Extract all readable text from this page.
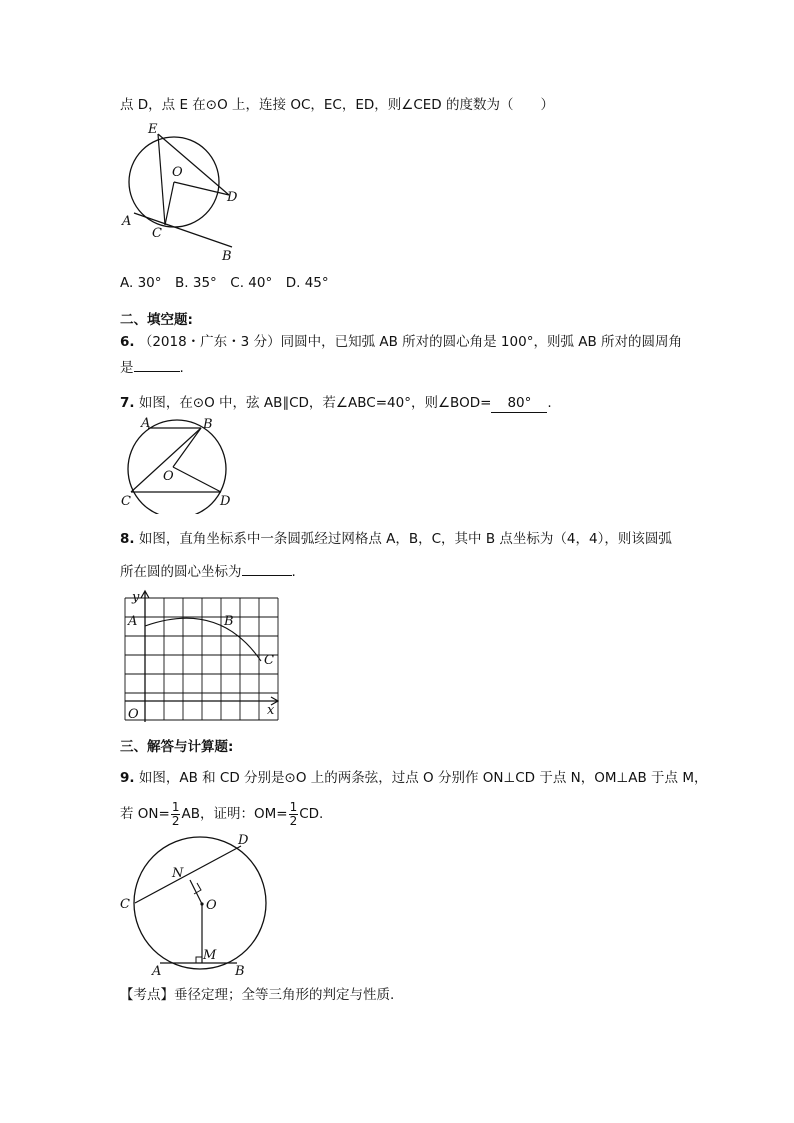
点 D，点 E 在⊙O 上，连接 OC，EC，ED，则∠CED 的度数为（　　）
E
O
D
A
C
B
A. 30°　B. 35°　C. 40°　D. 45°
二、填空题:
6. （2018・广东・3 分）同圆中，已知弧 AB 所对的圆心角是 100°，则弧 AB 所对的圆周角
是	.
7. 如图，在⊙O 中，弦 AB∥CD，若∠ABC=40°，则∠BOD= 80° .
A	B
O
C	D
8. 如图，直角坐标系中一条圆弧经过网格点 A，B，C，其中 B 点坐标为（4，4），则该圆弧
所在圆的圆心坐标为	.
y
A	B
C
O	x
三、解答与计算题:
9. 如图，AB 和 CD 分别是⊙O 上的两条弦，过点 O 分别作 ON⊥CD 于点 N，OM⊥AB 于点 M，
若 $ON= \frac{1}{2}$ AB，证明：$OM= \frac{1}{2}$ CD.
D
N
C	O
M
A	B
【考点】垂径定理；全等三角形的判定与性质.
